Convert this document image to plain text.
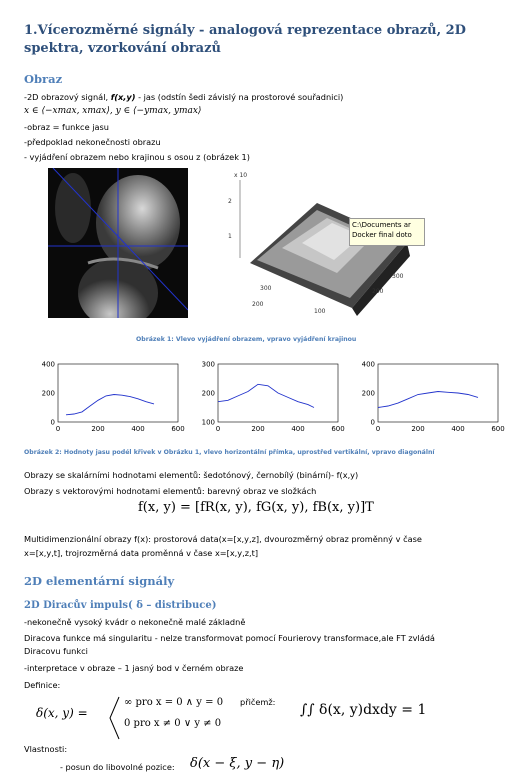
1.Vícerozměrné signály - analogová reprezentace obrazů, 2D spektra, vzorkování obrazů
Obraz
-2D obrazový signál, f(x,y) - jas (odstín šedi závislý na prostorové souřadnici)
x ∈ ⟨−xmax, xmax⟩, y ∈ ⟨−ymax, ymax⟩
-obraz = funkce jasu
-předpoklad nekonečnosti obrazu
- vyjádření obrazem nebo krajinou s osou z (obrázek 1)
x 10
2
1
200
300
100
200
300
C:\Documents ar
Docker final doto
Obrázek 1: Vlevo vyjádření obrazem, vpravo vyjádření krajinou
400
200
0
0	200	400	600
300
200
100
0	200	400	600
400
200
0
0	200	400	600
Obrázek 2: Hodnoty jasu podél křivek v Obrázku 1, vlevo horizontální přímka, uprostřed vertikální, vpravo diagonální
Obrazy se skalárními hodnotami elementů: šedotónový, černobílý (binární)- f(x,y)
Obrazy s vektorovými hodnotami elementů: barevný obraz ve složkách
f(x, y) = [fR(x, y), fG(x, y), fB(x, y)]T
Multidimenzionální obrazy f(x): prostorová data(x=[x,y,z], dvourozměrný obraz proměnný v čase
x=[x,y,t], trojrozměrná data proměnná v čase x=[x,y,z,t]
2D elementární signály
2D Diracův impuls( δ – distribuce)
-nekonečně vysoký kvádr o nekonečně malé základně
Diracova funkce má singularitu - nelze transformovat pomocí Fourierovy transformace,ale FT zvládá
Diracovu funkci
-interpretace v obraze – 1 jasný bod v černém obraze
Definice:
δ(x, y) =
∞ pro x = 0 ∧ y = 0
0 pro x ≠ 0 ∨ y ≠ 0
přičemž: ∫∫ δ(x, y)dxdy = 1
Vlastnosti:
- posun do libovolné pozice: δ(x − ξ, y − η)
